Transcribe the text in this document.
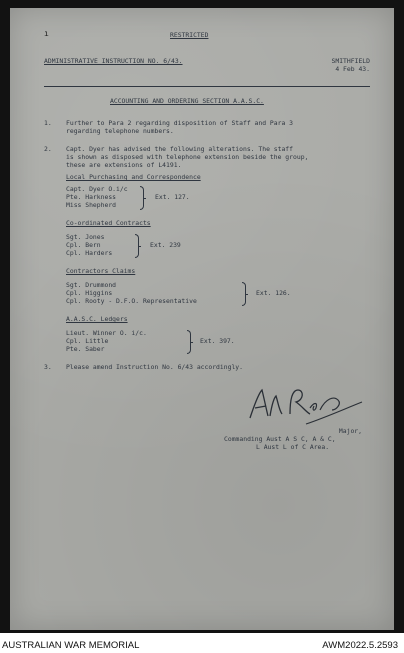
ı	RESTRICTED
ADMINISTRATIVE INSTRUCTION NO. 6/43.	SMITHFIELD
4 Feb 43.
ACCOUNTING AND ORDERING SECTION A.A.S.C.
1. Further to Para 2 regarding disposition of Staff and Para 3
regarding telephone numbers.
2. Capt. Dyer has advised the following alterations. The staff
is shown as disposed with telephone extension beside the group,
these are extensions of L4191.
Local Purchasing and Correspondence
Capt. Dyer O.i/c
Pte. Harkness
Miss Shepherd
Ext. 127.
Co-ordinated Contracts
Sgt. Jones
Cpl. Bern
Cpl. Harders
Ext. 239
Contractors Claims
Sgt. Drummond
Cpl. Higgins
Cpl. Rooty - D.F.O. Representative
Ext. 126.
A.A.S.C. Ledgers
Lieut. Winner O. i/c.
Cpl. Little
Pte. Saber
Ext. 397.
3. Please amend Instruction No. 6/43 accordingly.
Major,
Commanding Aust A S C, A & C,
L Aust L of C Area.
AUSTRALIAN WAR MEMORIAL	AWM2022.5.2593
